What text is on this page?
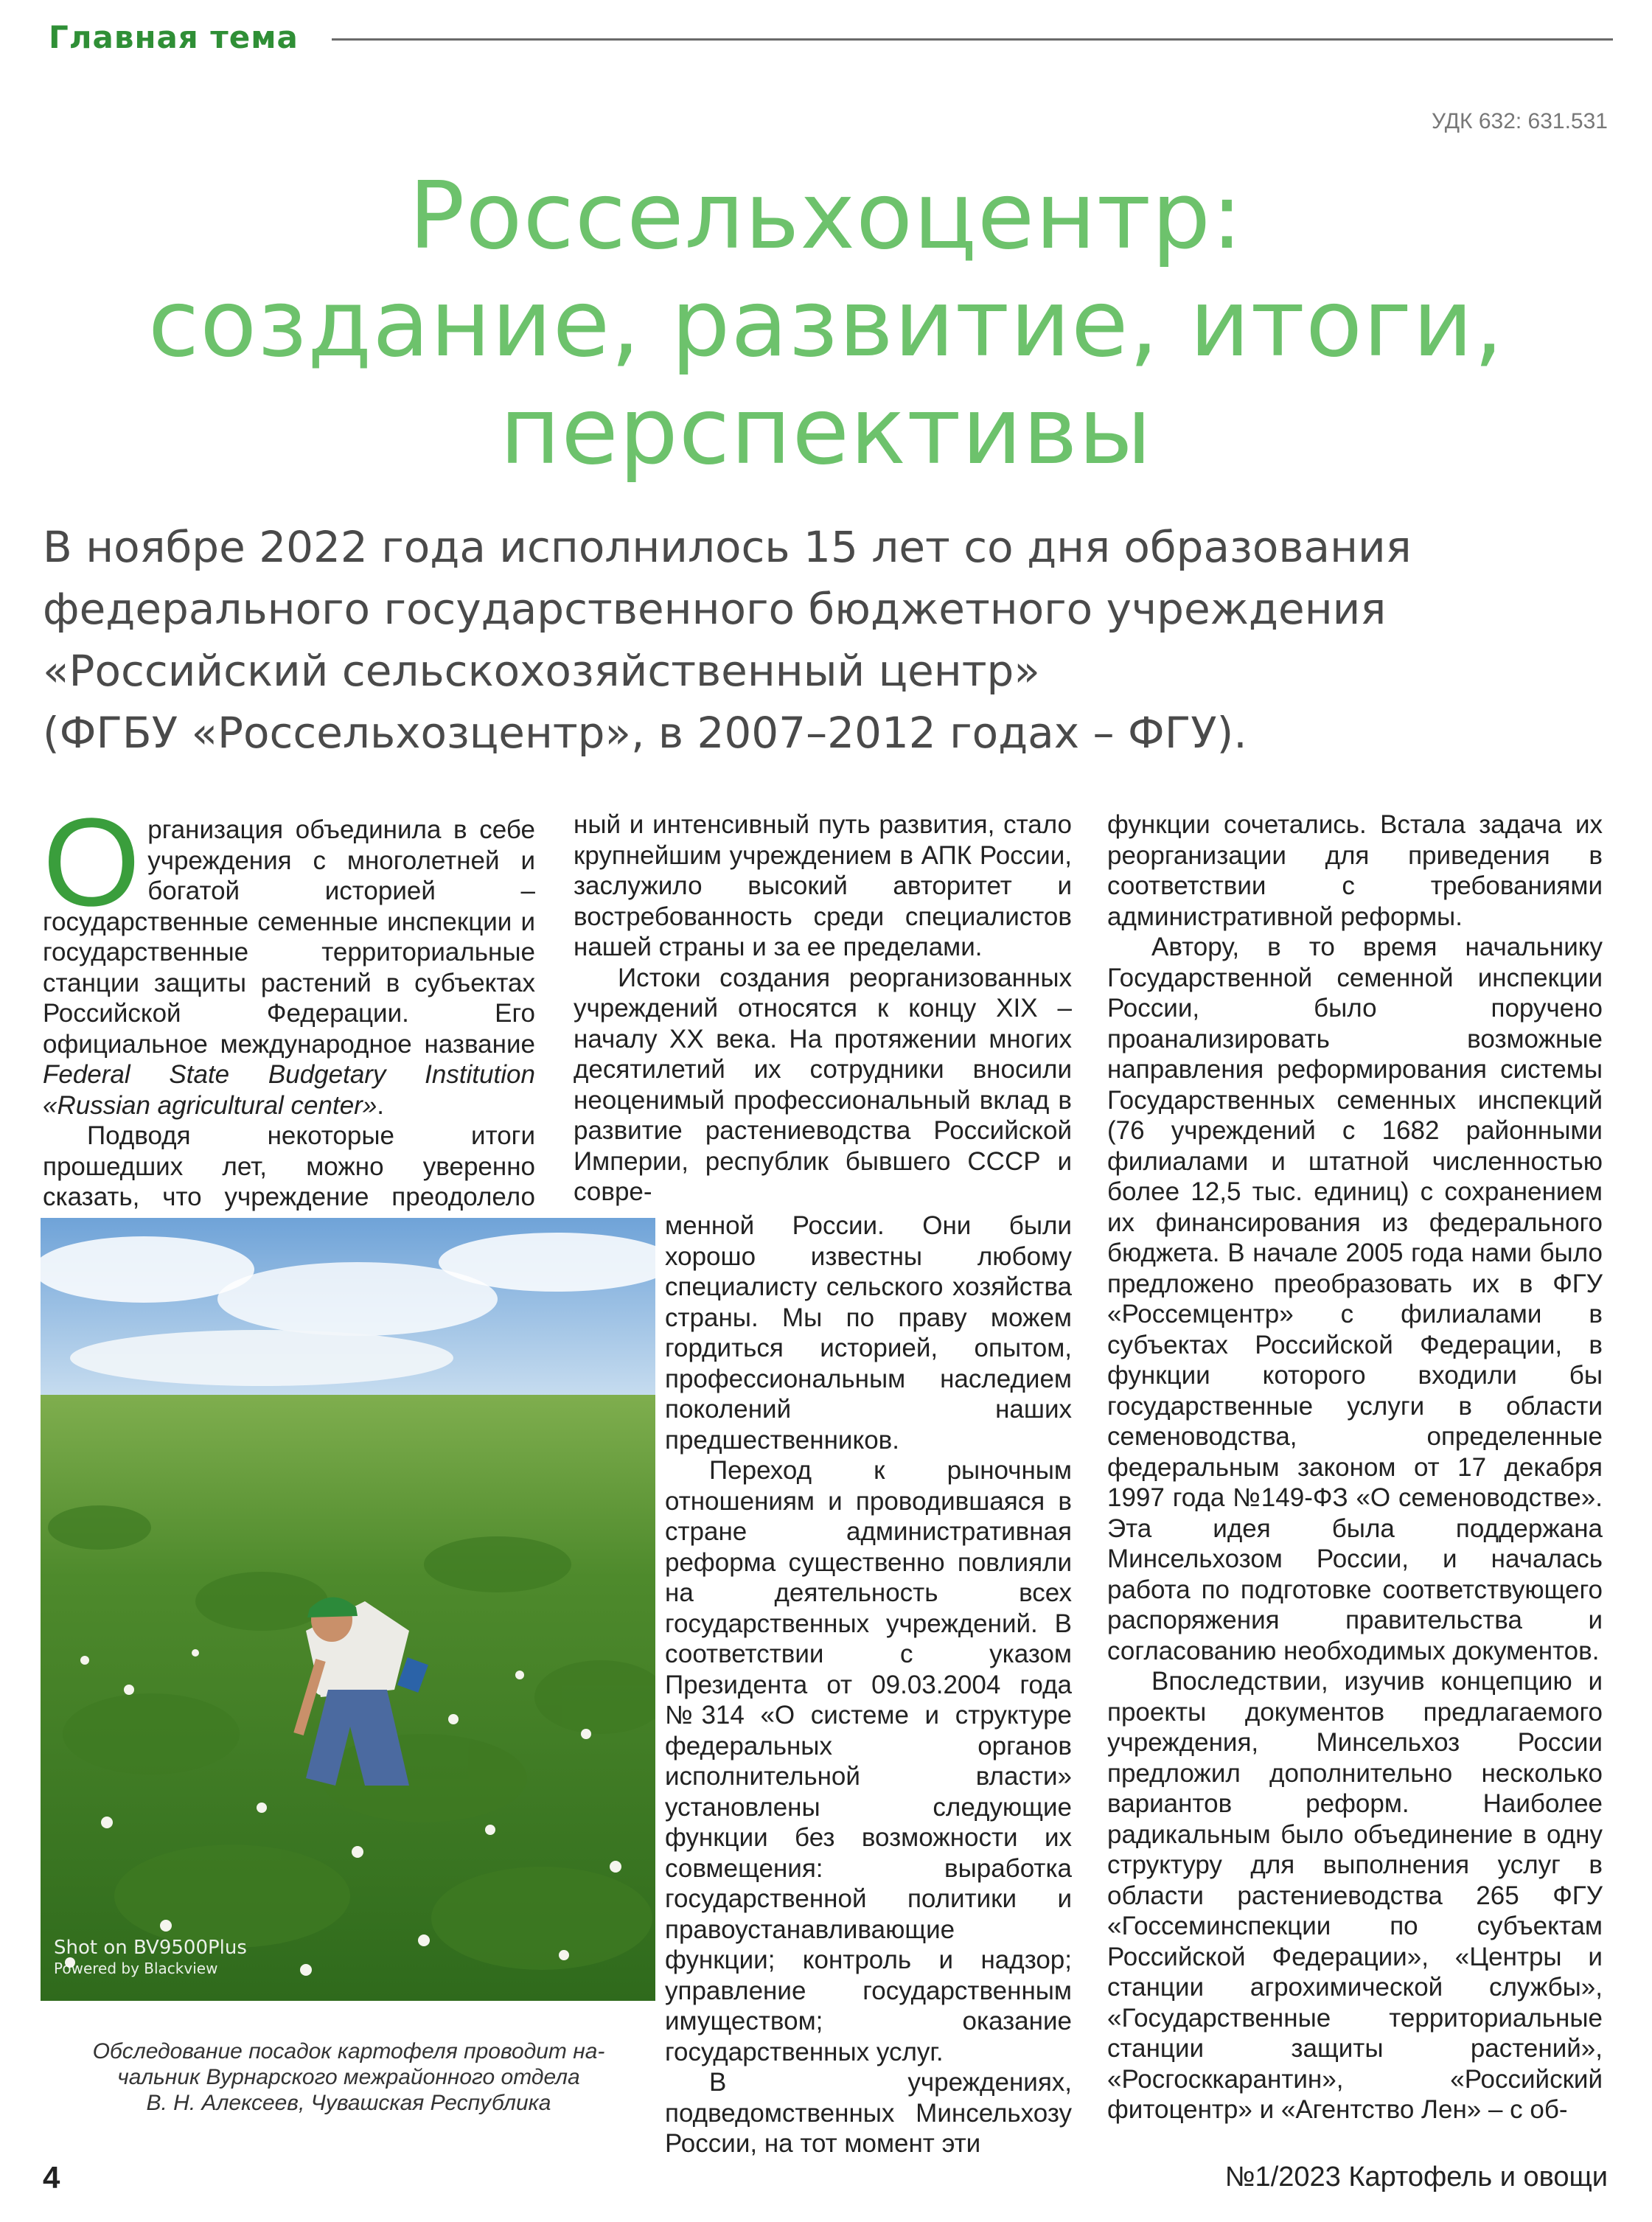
Главная тема
УДК 632: 631.531
Россельхоцентр:
создание, развитие, итоги,
перспективы
В ноябре 2022 года исполнилось 15 лет со дня образования
федерального государственного бюджетного учреждения
«Российский сельскохозяйственный центр»
(ФГБУ «Россельхозцентр», в 2007–2012 годах – ФГУ).

Организация объединила в себе учреждения с многолетней и богатой историей – государственные семенные инспекции и государственные территориальные станции защиты растений в субъектах Российской Федерации. Его официальное международное название Federal State Budgetary Institution «Russian agricultural center».

Подводя некоторые итоги прошедших лет, можно уверенно сказать, что учреждение преодолело

Shot on BV9500Plus
Powered by Blackview
Обследование посадок картофеля проводит на-
чальник Вурнарского межрайонного отдела
В. Н. Алексеев, Чувашская Республика

ный и интенсивный путь развития, стало крупнейшим учреждением в АПК России, заслужило высокий авторитет и востребованность среди специалистов нашей страны и за ее пределами.

Истоки создания реорганизованных учреждений относятся к концу XIX – началу XX века. На протяжении многих десятилетий их сотрудники вносили неоценимый профессиональный вклад в развитие растениеводства Российской Империи, республик бывшего СССР и совре-

менной России. Они были хорошо известны любому специалисту сельского хозяйства страны. Мы по праву можем гордиться историей, опытом, профессиональным наследием поколений наших предшественников.

Переход к рыночным отношениям и проводившаяся в стране административная реформа существенно повлияли на деятельность всех государственных учреждений. В соответствии с указом Президента от 09.03.2004 года №314 «О системе и структуре федеральных органов исполнительной власти» установлены следующие функции без возможности их совмещения: выработка государственной политики и правоустанавливающие функции; контроль и надзор; управление государственным имуществом; оказание государственных услуг.

В учреждениях, подведомственных Минсельхозу России, на тот момент эти

функции сочетались. Встала задача их реорганизации для приведения в соответствии с требованиями административной реформы.

Автору, в то время начальнику Государственной семенной инспекции России, было поручено проанализировать возможные направления реформирования системы Государственных семенных инспекций (76 учреждений с 1682 районными филиалами и штатной численностью более 12,5 тыс. единиц) с сохранением их финансирования из федерального бюджета. В начале 2005 года нами было предложено преобразовать их в ФГУ «Россемцентр» с филиалами в субъектах Российской Федерации, в функции которого входили бы государственные услуги в области семеноводства, определенные федеральным законом от 17 декабря 1997 года №149-ФЗ «О семеноводстве». Эта идея была поддержана Минсельхозом России, и началась работа по подготовке соответствующего распоряжения правительства и согласованию необходимых документов.

Впоследствии, изучив концепцию и проекты документов предлагаемого учреждения, Минсельхоз России предложил дополнительно несколько вариантов реформ. Наиболее радикальным было объединение в одну структуру для выполнения услуг в области растениеводства 265 ФГУ «Госсеминспекции по субъектам Российской Федерации», «Центры и станции агрохимической службы», «Государственные территориальные станции защиты растений», «Росгосккарантин», «Российский фитоцентр» и «Агентство Лен» – с об-

4	№1/2023 Картофель и овощи
